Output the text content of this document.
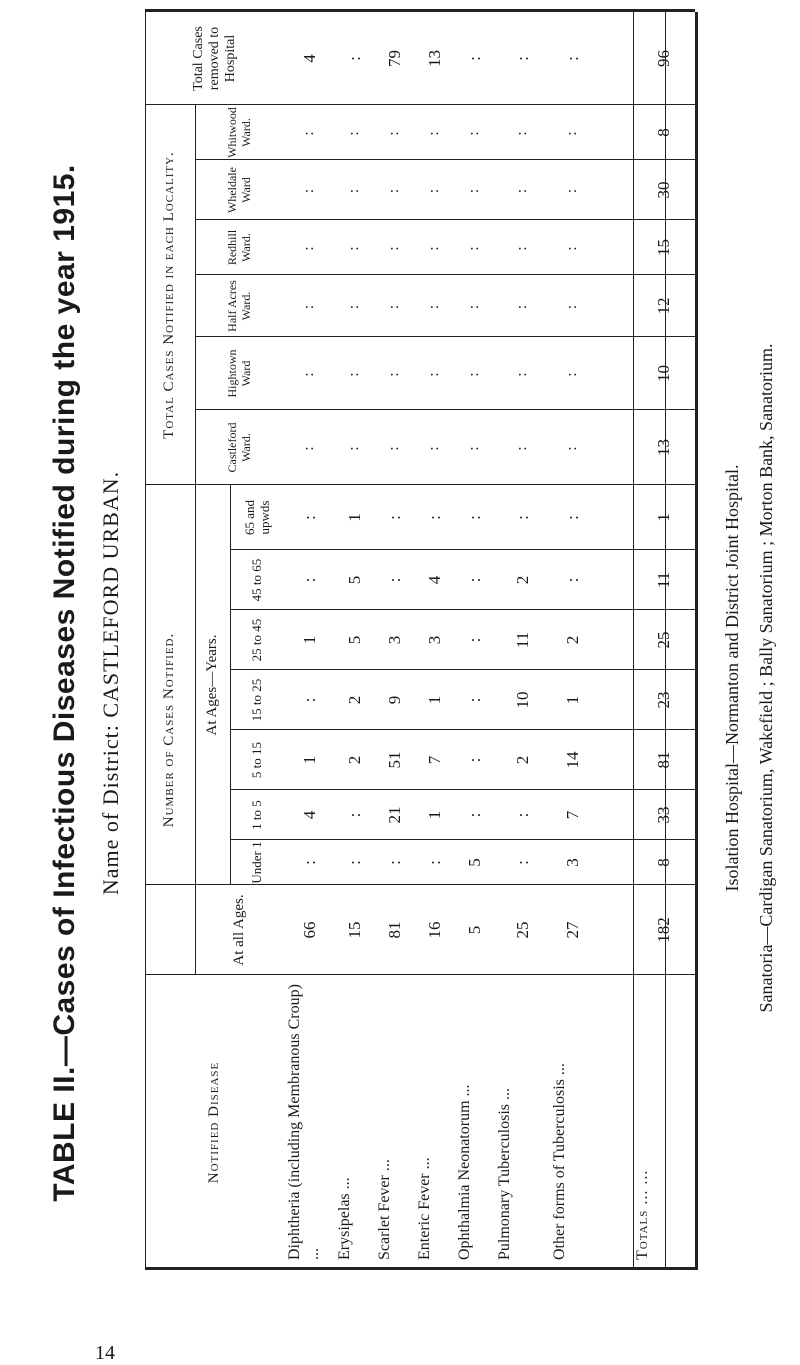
TABLE II.—Cases of Infectious Diseases Notified during the year 1915. Name of District: CASTLEFORD URBAN.
Notified Disease
Number of Cases Notified.
At all Ages.
At Ages—Years.
Total Cases Notified in each Locality.
Total Cases removed to Hospital
Under 1
1 to 5
5 to 15
15 to 25
25 to 45
45 to 65
65 and upwds
Castleford Ward.
Hightown Ward
Half Acres Ward.
Redhill Ward.
Wheldale Ward
Whitwood Ward.
Diphtheria (including Membranous Croup) ...
66
:
4
1
:
1
:
:
:
:
:
:
:
:
4
Erysipelas ...
15
:
:
2
2
5
5
1
:
:
:
:
:
:
:
Scarlet Fever ...
81
:
21
51
9
3
:
:
:
:
:
:
:
:
79
Enteric Fever ...
16
:
1
7
1
3
4
:
:
:
:
:
:
:
13
Ophthalmia Neonatorum ...
5
5
:
:
:
:
:
:
:
:
:
:
:
:
:
Pulmonary Tuberculosis ...
25
:
:
2
10
11
2
:
:
:
:
:
:
:
:
Other forms of Tuberculosis ...
27
3
7
14
1
2
:
:
:
:
:
:
:
:
:
Totals ... ...
182
8
33
81
23
25
11
1
13
10
12
15
30
8
96
Isolation Hospital—Normanton and District Joint Hospital. Sanatoria—Cardigan Sanatorium, Wakefield ; Bally Sanatorium ; Morton Bank, Sanatorium.
14
